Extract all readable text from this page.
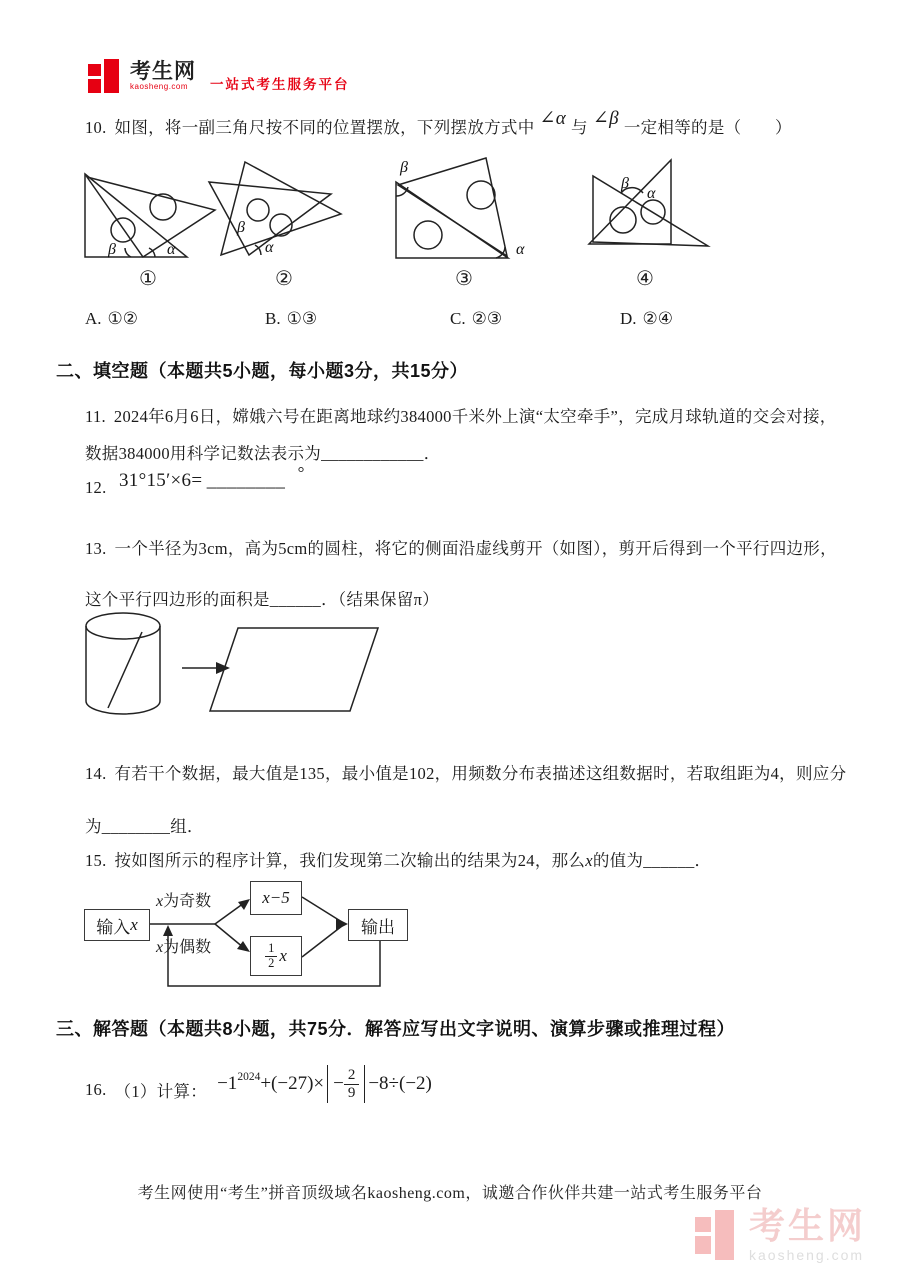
考生网
kaosheng.com	一站式考生服务平台
10. 如图，将一副三角尺按不同的位置摆放，下列摆放方式中 ∠α 与 ∠β 一定相等的是（　　）
β	α
①
β
α
②
β
α
③
β
α
④
A. ①②	B. ①③	C. ②③	D. ②④
二、填空题（本题共5小题，每小题3分，共15分）
11. 2024年6月6日，嫦娥六号在距离地球约384000千米外上演“太空牵手”，完成月球轨道的交会对接，
数据384000用科学记数法表示为____________．
12. 31°15′×6= ________ °
13. 一个半径为3cm，高为5cm的圆柱，将它的侧面沿虚线剪开（如图），剪开后得到一个平行四边形，
这个平行四边形的面积是______．（结果保留π）
14. 有若干个数据，最大值是135，最小值是102，用频数分布表描述这组数据时，若取组距为4，则应分
为________组．
15. 按如图所示的程序计算，我们发现第二次输出的结果为24，那么x的值为______．
输入 x
x为奇数
x为偶数
x−5
$\frac{1}{2}$ x
输出
三、解答题（本题共8小题，共75分．解答应写出文字说明、演算步骤或推理过程）
16. （1）计算： $-1^{2024} +(-27)\times - \frac{2}{9} -8\div(-2)$
考生网使用“考生”拼音顶级域名kaosheng.com，诚邀合作伙伴共建一站式考生服务平台
考生网
kaosheng.com
